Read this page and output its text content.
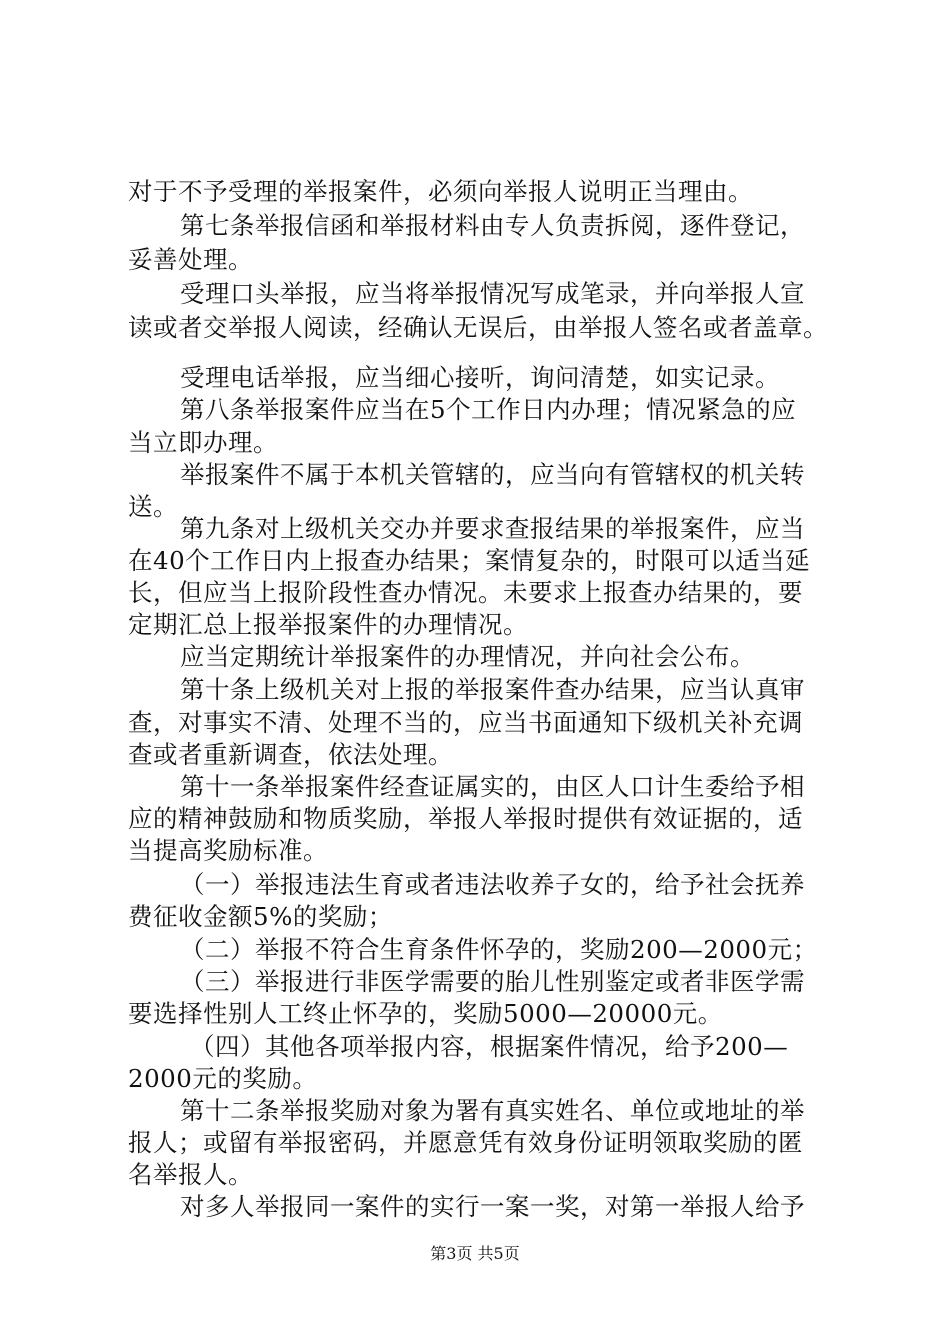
对于不予受理的举报案件，必须向举报人说明正当理由。
第七条举报信函和举报材料由专人负责拆阅，逐件登记，
妥善处理。
受理口头举报，应当将举报情况写成笔录，并向举报人宣
读或者交举报人阅读，经确认无误后，由举报人签名或者盖章。
受理电话举报，应当细心接听，询问清楚，如实记录。
第八条举报案件应当在5个工作日内办理；情况紧急的应
当立即办理。
举报案件不属于本机关管辖的，应当向有管辖权的机关转
送。
第九条对上级机关交办并要求查报结果的举报案件，应当
在40个工作日内上报查办结果；案情复杂的，时限可以适当延
长，但应当上报阶段性查办情况。未要求上报查办结果的，要
定期汇总上报举报案件的办理情况。
应当定期统计举报案件的办理情况，并向社会公布。
第十条上级机关对上报的举报案件查办结果，应当认真审
查，对事实不清、处理不当的，应当书面通知下级机关补充调
查或者重新调查，依法处理。
第十一条举报案件经查证属实的，由区人口计生委给予相
应的精神鼓励和物质奖励，举报人举报时提供有效证据的，适
当提高奖励标准。
（一）举报违法生育或者违法收养子女的，给予社会抚养
费征收金额5%的奖励；
（二）举报不符合生育条件怀孕的，奖励200—2000元；
（三）举报进行非医学需要的胎儿性别鉴定或者非医学需
要选择性别人工终止怀孕的，奖励5000—20000元。
（四）其他各项举报内容，根据案件情况，给予200—
2000元的奖励。
第十二条举报奖励对象为署有真实姓名、单位或地址的举
报人；或留有举报密码，并愿意凭有效身份证明领取奖励的匿
名举报人。
对多人举报同一案件的实行一案一奖，对第一举报人给予
第3页 共5页
